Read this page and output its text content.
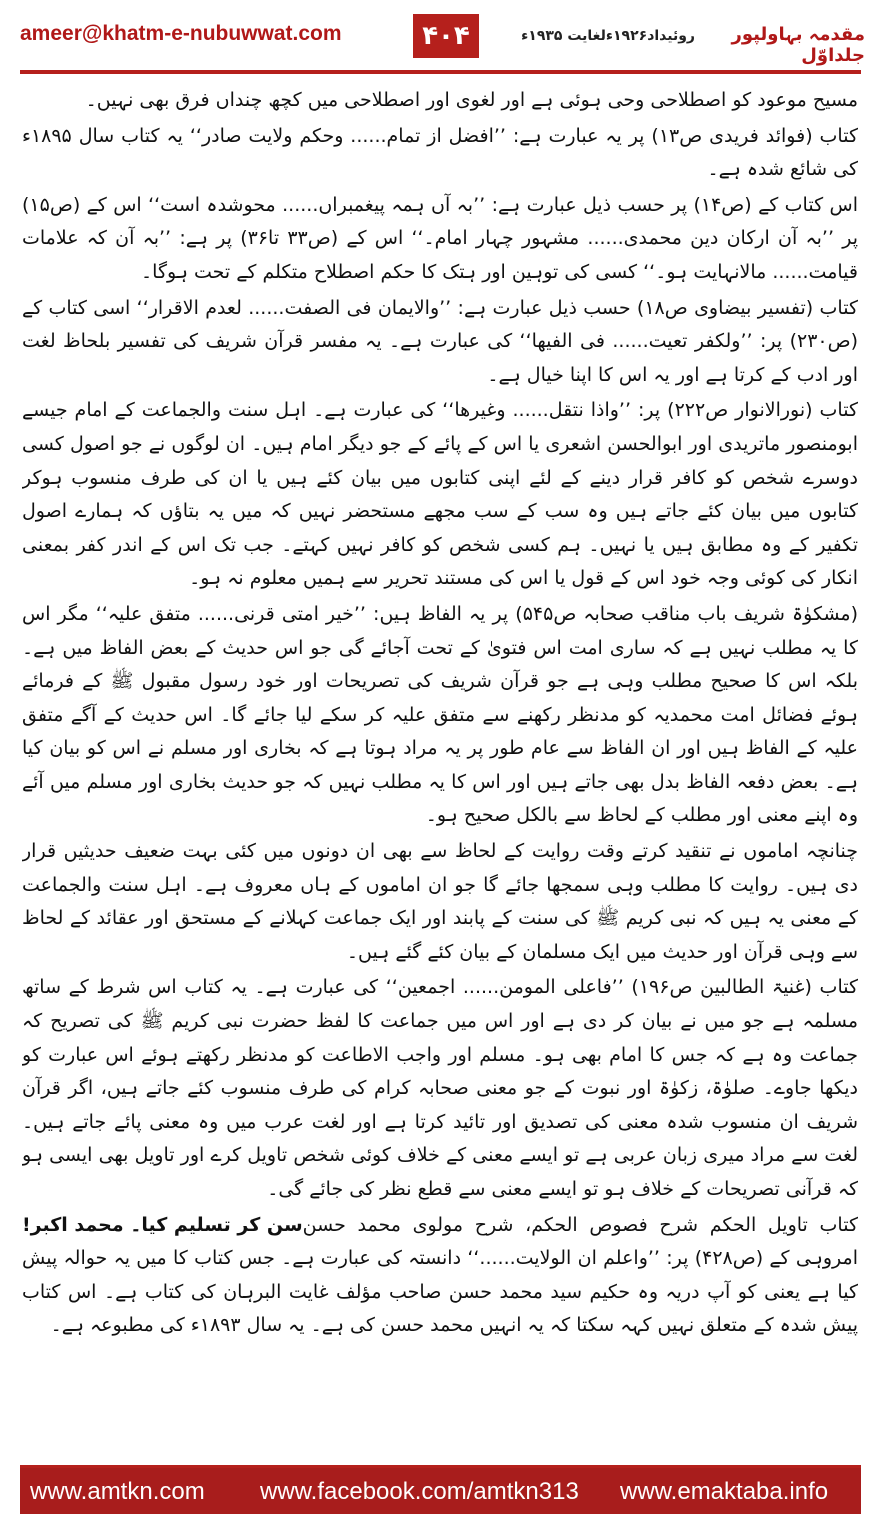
ameer@khatm-e-nubuwwat.com	۴۰۴	روئیداد۱۹۲۶ءلغایت ۱۹۳۵ء	مقدمہ بہاولپور جلداوّل

مسیح موعود کو اصطلاحی وحی ہوئی ہے اور لغوی اور اصطلاحی میں کچھ چنداں فرق بھی نہیں۔

کتاب (فوائد فریدی ص۱۳) پر یہ عبارت ہے: ’’افضل از تمام...... وحکم ولایت صادر‘‘ یہ کتاب سال ۱۸۹۵ء کی شائع شدہ ہے۔

اس کتاب کے (ص۱۴) پر حسب ذیل عبارت ہے: ’’بہ آں ہمہ پیغمبراں...... محوشدہ است‘‘ اس کے (ص۱۵) پر ’’بہ آن ارکان دین محمدی...... مشہور چہار امام۔‘‘ اس کے (ص۳۳ تا۳۶) پر ہے: ’’بہ آن کہ علامات قیامت...... مالانہایت ہو۔‘‘ کسی کی توہین اور ہتک کا حکم اصطلاح متکلم کے تحت ہوگا۔

کتاب (تفسیر بیضاوی ص۱۸) حسب ذیل عبارت ہے: ’’والایمان فی الصفت...... لعدم الاقرار‘‘ اسی کتاب کے (ص۲۳۰) پر: ’’ولکفر تعیت...... فی الفیھا‘‘ کی عبارت ہے۔ یہ مفسر قرآن شریف کی تفسیر بلحاظ لغت اور ادب کے کرتا ہے اور یہ اس کا اپنا خیال ہے۔

کتاب (نورالانوار ص۲۲۲) پر: ’’واذا نتقل...... وغیرھا‘‘ کی عبارت ہے۔ اہل سنت والجماعت کے امام جیسے ابومنصور ماتریدی اور ابوالحسن اشعری یا اس کے پائے کے جو دیگر امام ہیں۔ ان لوگوں نے جو اصول کسی دوسرے شخص کو کافر قرار دینے کے لئے اپنی کتابوں میں بیان کئے ہیں یا ان کی طرف منسوب ہوکر کتابوں میں بیان کئے جاتے ہیں وہ سب کے سب مجھے مستحضر نہیں کہ میں یہ بتاؤں کہ ہمارے اصول تکفیر کے وہ مطابق ہیں یا نہیں۔ ہم کسی شخص کو کافر نہیں کہتے۔ جب تک اس کے اندر کفر بمعنی انکار کی کوئی وجہ خود اس کے قول یا اس کی مستند تحریر سے ہمیں معلوم نہ ہو۔

(مشکوٰۃ شریف باب مناقب صحابہ ص۵۴۵) پر یہ الفاظ ہیں: ’’خیر امتی قرنی...... متفق علیہ‘‘ مگر اس کا یہ مطلب نہیں ہے کہ ساری امت اس فتویٰ کے تحت آجائے گی جو اس حدیث کے بعض الفاظ میں ہے۔ بلکہ اس کا صحیح مطلب وہی ہے جو قرآن شریف کی تصریحات اور خود رسول مقبول ﷺ کے فرمائے ہوئے فضائل امت محمدیہ کو مدنظر رکھنے سے متفق علیہ کر سکے لیا جائے گا۔ اس حدیث کے آگے متفق علیہ کے الفاظ ہیں اور ان الفاظ سے عام طور پر یہ مراد ہوتا ہے کہ بخاری اور مسلم نے اس کو بیان کیا ہے۔ بعض دفعہ الفاظ بدل بھی جاتے ہیں اور اس کا یہ مطلب نہیں کہ جو حدیث بخاری اور مسلم میں آئے وہ اپنے معنی اور مطلب کے لحاظ سے بالکل صحیح ہو۔

چنانچہ اماموں نے تنقید کرتے وقت روایت کے لحاظ سے بھی ان دونوں میں کئی بہت ضعیف حدیثیں قرار دی ہیں۔ روایت کا مطلب وہی سمجھا جائے گا جو ان اماموں کے ہاں معروف ہے۔ اہل سنت والجماعت کے معنی یہ ہیں کہ نبی کریم ﷺ کی سنت کے پابند اور ایک جماعت کہلانے کے مستحق اور عقائد کے لحاظ سے وہی قرآن اور حدیث میں ایک مسلمان کے بیان کئے گئے ہیں۔

کتاب (غنیۃ الطالبین ص۱۹۶) ’’فاعلی المومن...... اجمعین‘‘ کی عبارت ہے۔ یہ کتاب اس شرط کے ساتھ مسلمہ ہے جو میں نے بیان کر دی ہے اور اس میں جماعت کا لفظ حضرت نبی کریم ﷺ کی تصریح کہ جماعت وہ ہے کہ جس کا امام بھی ہو۔ مسلم اور واجب الاطاعت کو مدنظر رکھتے ہوئے اس عبارت کو دیکھا جاوے۔ صلوٰۃ، زکوٰۃ اور نبوت کے جو معنی صحابہ کرام کی طرف منسوب کئے جاتے ہیں، اگر قرآن شریف ان منسوب شدہ معنی کی تصدیق اور تائید کرتا ہے اور لغت عرب میں وہ معنی پائے جاتے ہیں۔ لغت سے مراد میری زبان عربی ہے تو ایسے معنی کے خلاف کوئی شخص تاویل کرے اور تاویل بھی ایسی ہو کہ قرآنی تصریحات کے خلاف ہو تو ایسے معنی سے قطع نظر کی جائے گی۔

سن کر تسلیم کیا۔ محمد اکبر! کتاب تاویل الحکم شرح فصوص الحکم، شرح مولوی محمد حسن امروہی کے (ص۴۲۸) پر: ’’واعلم ان الولایت......‘‘ دانستہ کی عبارت ہے۔ جس کتاب کا میں یہ حوالہ پیش کیا ہے یعنی کو آپ دریہ وہ حکیم سید محمد حسن صاحب مؤلف غایت البرہان کی کتاب ہے۔ اس کتاب پیش شدہ کے متعلق نہیں کہہ سکتا کہ یہ انہیں محمد حسن کی ہے۔ یہ سال ۱۸۹۳ء کی مطبوعہ ہے۔

www.amtkn.com www.facebook.com/amtkn313 www.emaktaba.info
